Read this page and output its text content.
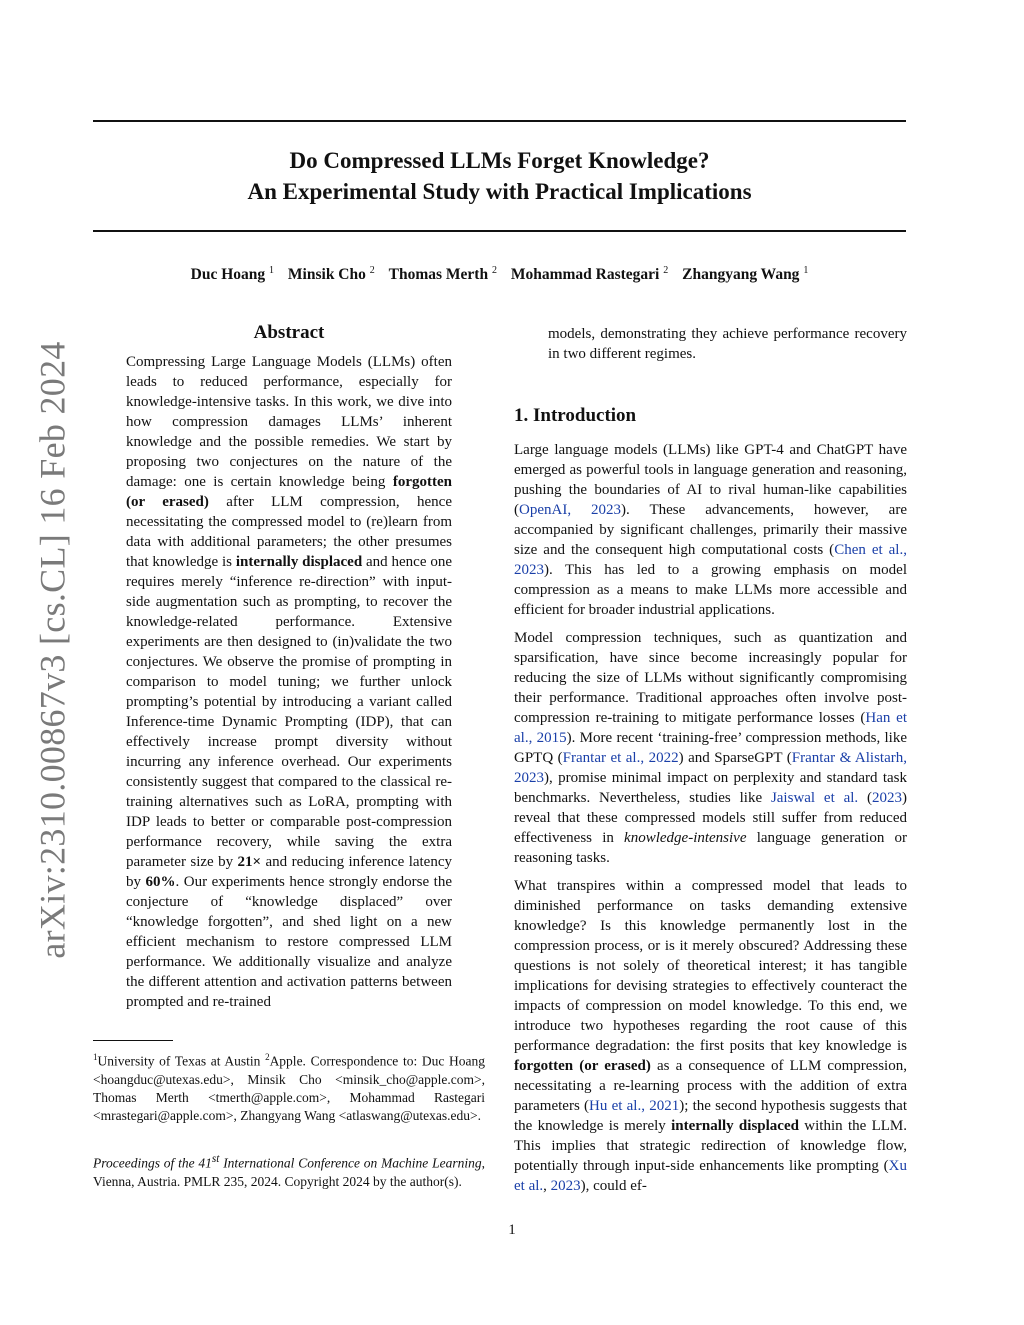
Do Compressed LLMs Forget Knowledge?
An Experimental Study with Practical Implications
Duc Hoang $^1$ Minsik Cho $^2$ Thomas Merth $^2$ Mohammad Rastegari $^2$ Zhangyang Wang $^1$
arXiv:2310.00867v3 [cs.CL] 16 Feb 2024
Abstract
Compressing Large Language Models (LLMs) often leads to reduced performance, especially for knowledge-intensive tasks. In this work, we dive into how compression damages LLMs’ inherent knowledge and the possible remedies. We start by proposing two conjectures on the nature of the damage: one is certain knowledge being forgotten (or erased) after LLM compression, hence necessitating the compressed model to (re)learn from data with additional parameters; the other presumes that knowledge is internally displaced and hence one requires merely “inference re-direction” with input-side augmentation such as prompting, to recover the knowledge-related performance. Extensive experiments are then designed to (in)validate the two conjectures. We observe the promise of prompting in comparison to model tuning; we further unlock prompting’s potential by introducing a variant called Inference-time Dynamic Prompting (IDP), that can effectively increase prompt diversity without incurring any inference overhead. Our experiments consistently suggest that compared to the classical re-training alternatives such as LoRA, prompting with IDP leads to better or comparable post-compression performance recovery, while saving the extra parameter size by 21× and reducing inference latency by 60%. Our experiments hence strongly endorse the conjecture of “knowledge displaced” over “knowledge forgotten”, and shed light on a new efficient mechanism to restore compressed LLM performance. We additionally visualize and analyze the different attention and activation patterns between prompted and re-trained
$^1$University of Texas at Austin $^2$Apple. Correspondence to: Duc Hoang <hoangduc@utexas.edu>, Minsik Cho <minsik_cho@apple.com>, Thomas Merth <tmerth@apple.com>, Mohammad Rastegari <mrastegari@apple.com>, Zhangyang Wang <atlaswang@utexas.edu>.
Proceedings of the 41st International Conference on Machine Learning, Vienna, Austria. PMLR 235, 2024. Copyright 2024 by the author(s).
models, demonstrating they achieve performance recovery in two different regimes.
1. Introduction

Large language models (LLMs) like GPT-4 and ChatGPT have emerged as powerful tools in language generation and reasoning, pushing the boundaries of AI to rival human-like capabilities (OpenAI, 2023). These advancements, however, are accompanied by significant challenges, primarily their massive size and the consequent high computational costs (Chen et al., 2023). This has led to a growing emphasis on model compression as a means to make LLMs more accessible and efficient for broader industrial applications.

Model compression techniques, such as quantization and sparsification, have since become increasingly popular for reducing the size of LLMs without significantly compromising their performance. Traditional approaches often involve post-compression re-training to mitigate performance losses (Han et al., 2015). More recent ‘training-free’ compression methods, like GPTQ (Frantar et al., 2022) and SparseGPT (Frantar & Alistarh, 2023), promise minimal impact on perplexity and standard task benchmarks. Nevertheless, studies like Jaiswal et al. (2023) reveal that these compressed models still suffer from reduced effectiveness in knowledge-intensive language generation or reasoning tasks.

What transpires within a compressed model that leads to diminished performance on tasks demanding extensive knowledge? Is this knowledge permanently lost in the compression process, or is it merely obscured? Addressing these questions is not solely of theoretical interest; it has tangible implications for devising strategies to effectively counteract the impacts of compression on model knowledge. To this end, we introduce two hypotheses regarding the root cause of this performance degradation: the first posits that key knowledge is forgotten (or erased) as a consequence of LLM compression, necessitating a re-learning process with the addition of extra parameters (Hu et al., 2021); the second hypothesis suggests that the knowledge is merely internally displaced within the LLM. This implies that strategic redirection of knowledge flow, potentially through input-side enhancements like prompting (Xu et al., 2023), could ef-

1
